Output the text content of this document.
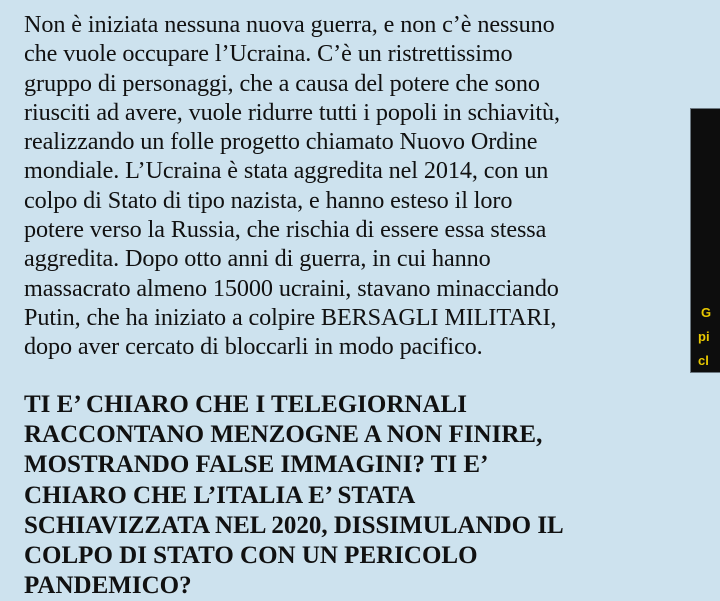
Non è iniziata nessuna nuova guerra, e non c’è nessuno
che vuole occupare l’Ucraina. C’è un ristrettissimo
gruppo di personaggi, che a causa del potere che sono
riusciti ad avere, vuole ridurre tutti i popoli in schiavitù,
realizzando un folle progetto chiamato Nuovo Ordine
mondiale. L’Ucraina è stata aggredita nel 2014, con un
colpo di Stato di tipo nazista, e hanno esteso il loro
potere verso la Russia, che rischia di essere essa stessa
aggredita. Dopo otto anni di guerra, in cui hanno
massacrato almeno 15000 ucraini, stavano minacciando
Putin, che ha iniziato a colpire BERSAGLI MILITARI,
dopo aver cercato di bloccarli in modo pacifico.
TI E’ CHIARO CHE I TELEGIORNALI
RACCONTANO MENZOGNE A NON FINIRE,
MOSTRANDO FALSE IMMAGINI? TI E’
CHIARO CHE L’ITALIA E’ STATA
SCHIAVIZZATA NEL 2020, DISSIMULANDO IL
COLPO DI STATO CON UN PERICOLO
PANDEMICO?
G
pi
cl
